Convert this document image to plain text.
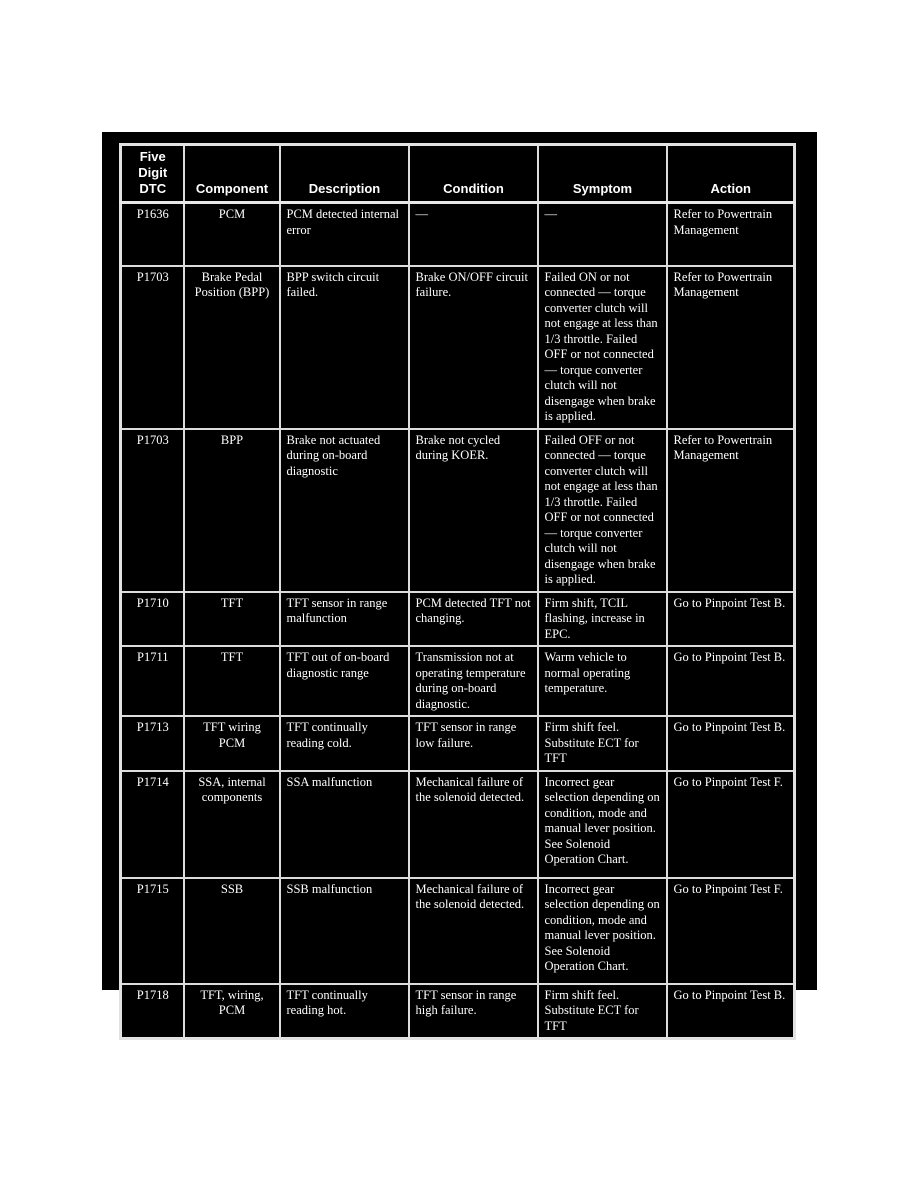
Five Digit DTC	Component	Description	Condition	Symptom	Action
P1636	PCM	PCM detected internal error	—	—	Refer to Powertrain Management
P1703	Brake Pedal Position (BPP)	BPP switch circuit failed.	Brake ON/OFF circuit failure.	Failed ON or not connected — torque converter clutch will not engage at less than 1/3 throttle. Failed OFF or not connected — torque converter clutch will not disengage when brake is applied.	Refer to Powertrain Management
P1703	BPP	Brake not actuated during on-board diagnostic	Brake not cycled during KOER.	Failed OFF or not connected — torque converter clutch will not engage at less than 1/3 throttle. Failed OFF or not connected — torque converter clutch will not disengage when brake is applied.	Refer to Powertrain Management
P1710	TFT	TFT sensor in range malfunction	PCM detected TFT not changing.	Firm shift, TCIL flashing, increase in EPC.	Go to Pinpoint Test B.
P1711	TFT	TFT out of on-board diagnostic range	Transmission not at operating temperature during on-board diagnostic.	Warm vehicle to normal operating temperature.	Go to Pinpoint Test B.
P1713	TFT wiring PCM	TFT continually reading cold.	TFT sensor in range low failure.	Firm shift feel. Substitute ECT for TFT	Go to Pinpoint Test B.
P1714	SSA, internal components	SSA malfunction	Mechanical failure of the solenoid detected.	Incorrect gear selection depending on condition, mode and manual lever position. See Solenoid Operation Chart.	Go to Pinpoint Test F.
P1715	SSB	SSB malfunction	Mechanical failure of the solenoid detected.	Incorrect gear selection depending on condition, mode and manual lever position. See Solenoid Operation Chart.	Go to Pinpoint Test F.
P1718	TFT, wiring, PCM	TFT continually reading hot.	TFT sensor in range high failure.	Firm shift feel. Substitute ECT for TFT	Go to Pinpoint Test B.
